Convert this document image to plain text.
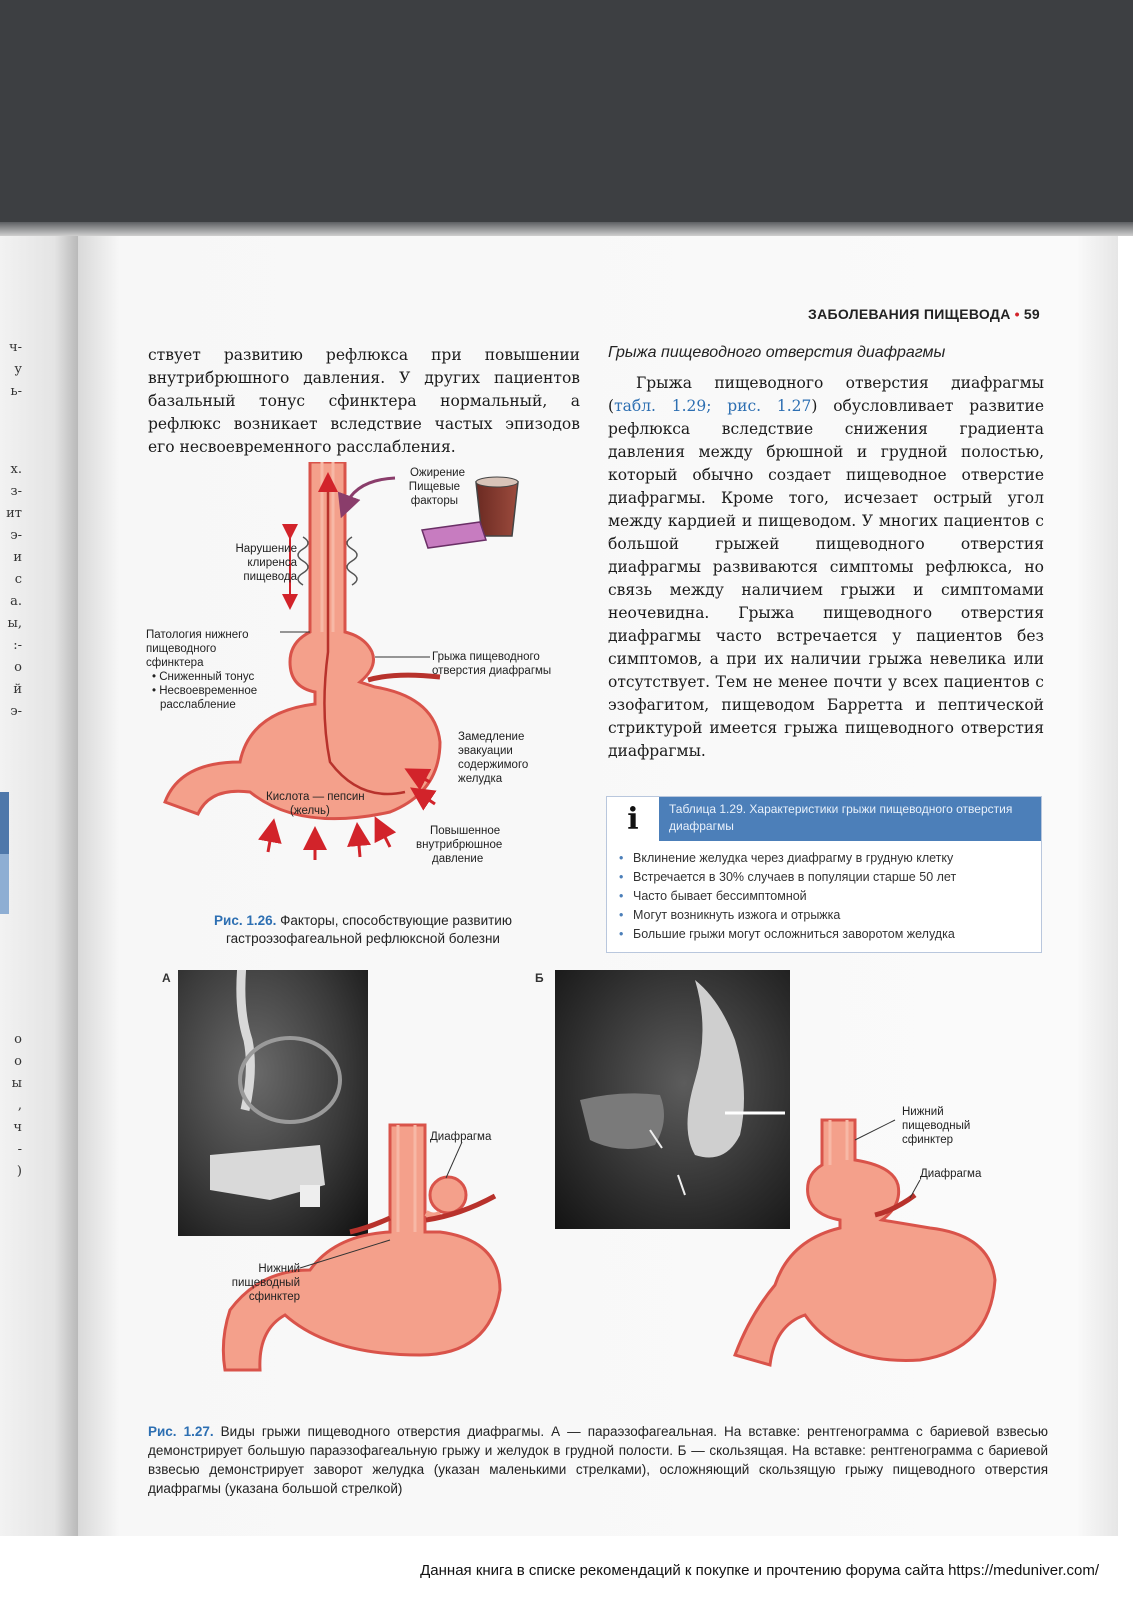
ч-
у
ь-
х.
з-
ит
э-
и
с
а.
ы,
:-
о
й
э-
о
о
ы
,
ч
-
)
ЗАБОЛЕВАНИЯ ПИЩЕВОДА • 59
ствует развитию рефлюкса при повышении внутрибрюшного давления. У других пациентов базальный тонус сфинктера нормальный, а рефлюкс возникает вследствие частых эпизодов его несвоевременного расслабления.
Грыжа пищеводного отверстия диафрагмы
Грыжа пищеводного отверстия диафрагмы (табл. 1.29; рис. 1.27) обусловливает развитие рефлюкса вследствие снижения градиента давления между брюшной и грудной полостью, который обычно создает пищеводное отверстие диафрагмы. Кроме того, исчезает острый угол между кардией и пищеводом. У многих пациентов с большой грыжей пищеводного отверстия диафрагмы развиваются симптомы рефлюкса, но связь между наличием грыжи и симптомами неочевидна. Грыжа пищеводного отверстия диафрагмы часто встречается у пациентов без симптомов, а при их наличии грыжа невелика или отсутствует. Тем не менее почти у всех пациентов с эзофагитом, пищеводом Барретта и пептической стриктурой имеется грыжа пищеводного отверстия диафрагмы.
Ожирение
Пищевые
факторы
Нарушение
клиренса
пищевода
Патология нижнего
пищеводного
сфинктера
• Сниженный тонус
• Несвоевременное
расслабление
Грыжа пищеводного
отверстия диафрагмы
Замедление
эвакуации
содержимого
желудка
Кислота — пепсин
(желчь)
Повышенное
внутрибрюшное
давление
Рис. 1.26. Факторы, способствующие развитию гастроэзофагеальной рефлюксной болезни
i	Таблица 1.29. Характеристики грыжи пищеводного отверстия диафрагмы
• Вклинение желудка через диафрагму в грудную клетку
• Встречается в 30% случаев в популяции старше 50 лет
• Часто бывает бессимптомной
• Могут возникнуть изжога и отрыжка
• Большие грыжи могут осложниться заворотом желудка
А	Б
Диафрагма
Нижний
пищеводный
сфинктер
Нижний
пищеводный
сфинктер
Диафрагма
Рис. 1.27. Виды грыжи пищеводного отверстия диафрагмы. А — параэзофагеальная. На вставке: рентгенограмма с бариевой взвесью демонстрирует большую параэзофагеальную грыжу и желудок в грудной полости. Б — скользящая. На вставке: рентгенограмма с бариевой взвесью демонстрирует заворот желудка (указан маленькими стрелками), осложняющий скользящую грыжу пищеводного отверстия диафрагмы (указана большой стрелкой)
Данная книга в списке рекомендаций к покупке и прочтению форума сайта https://meduniver.com/
